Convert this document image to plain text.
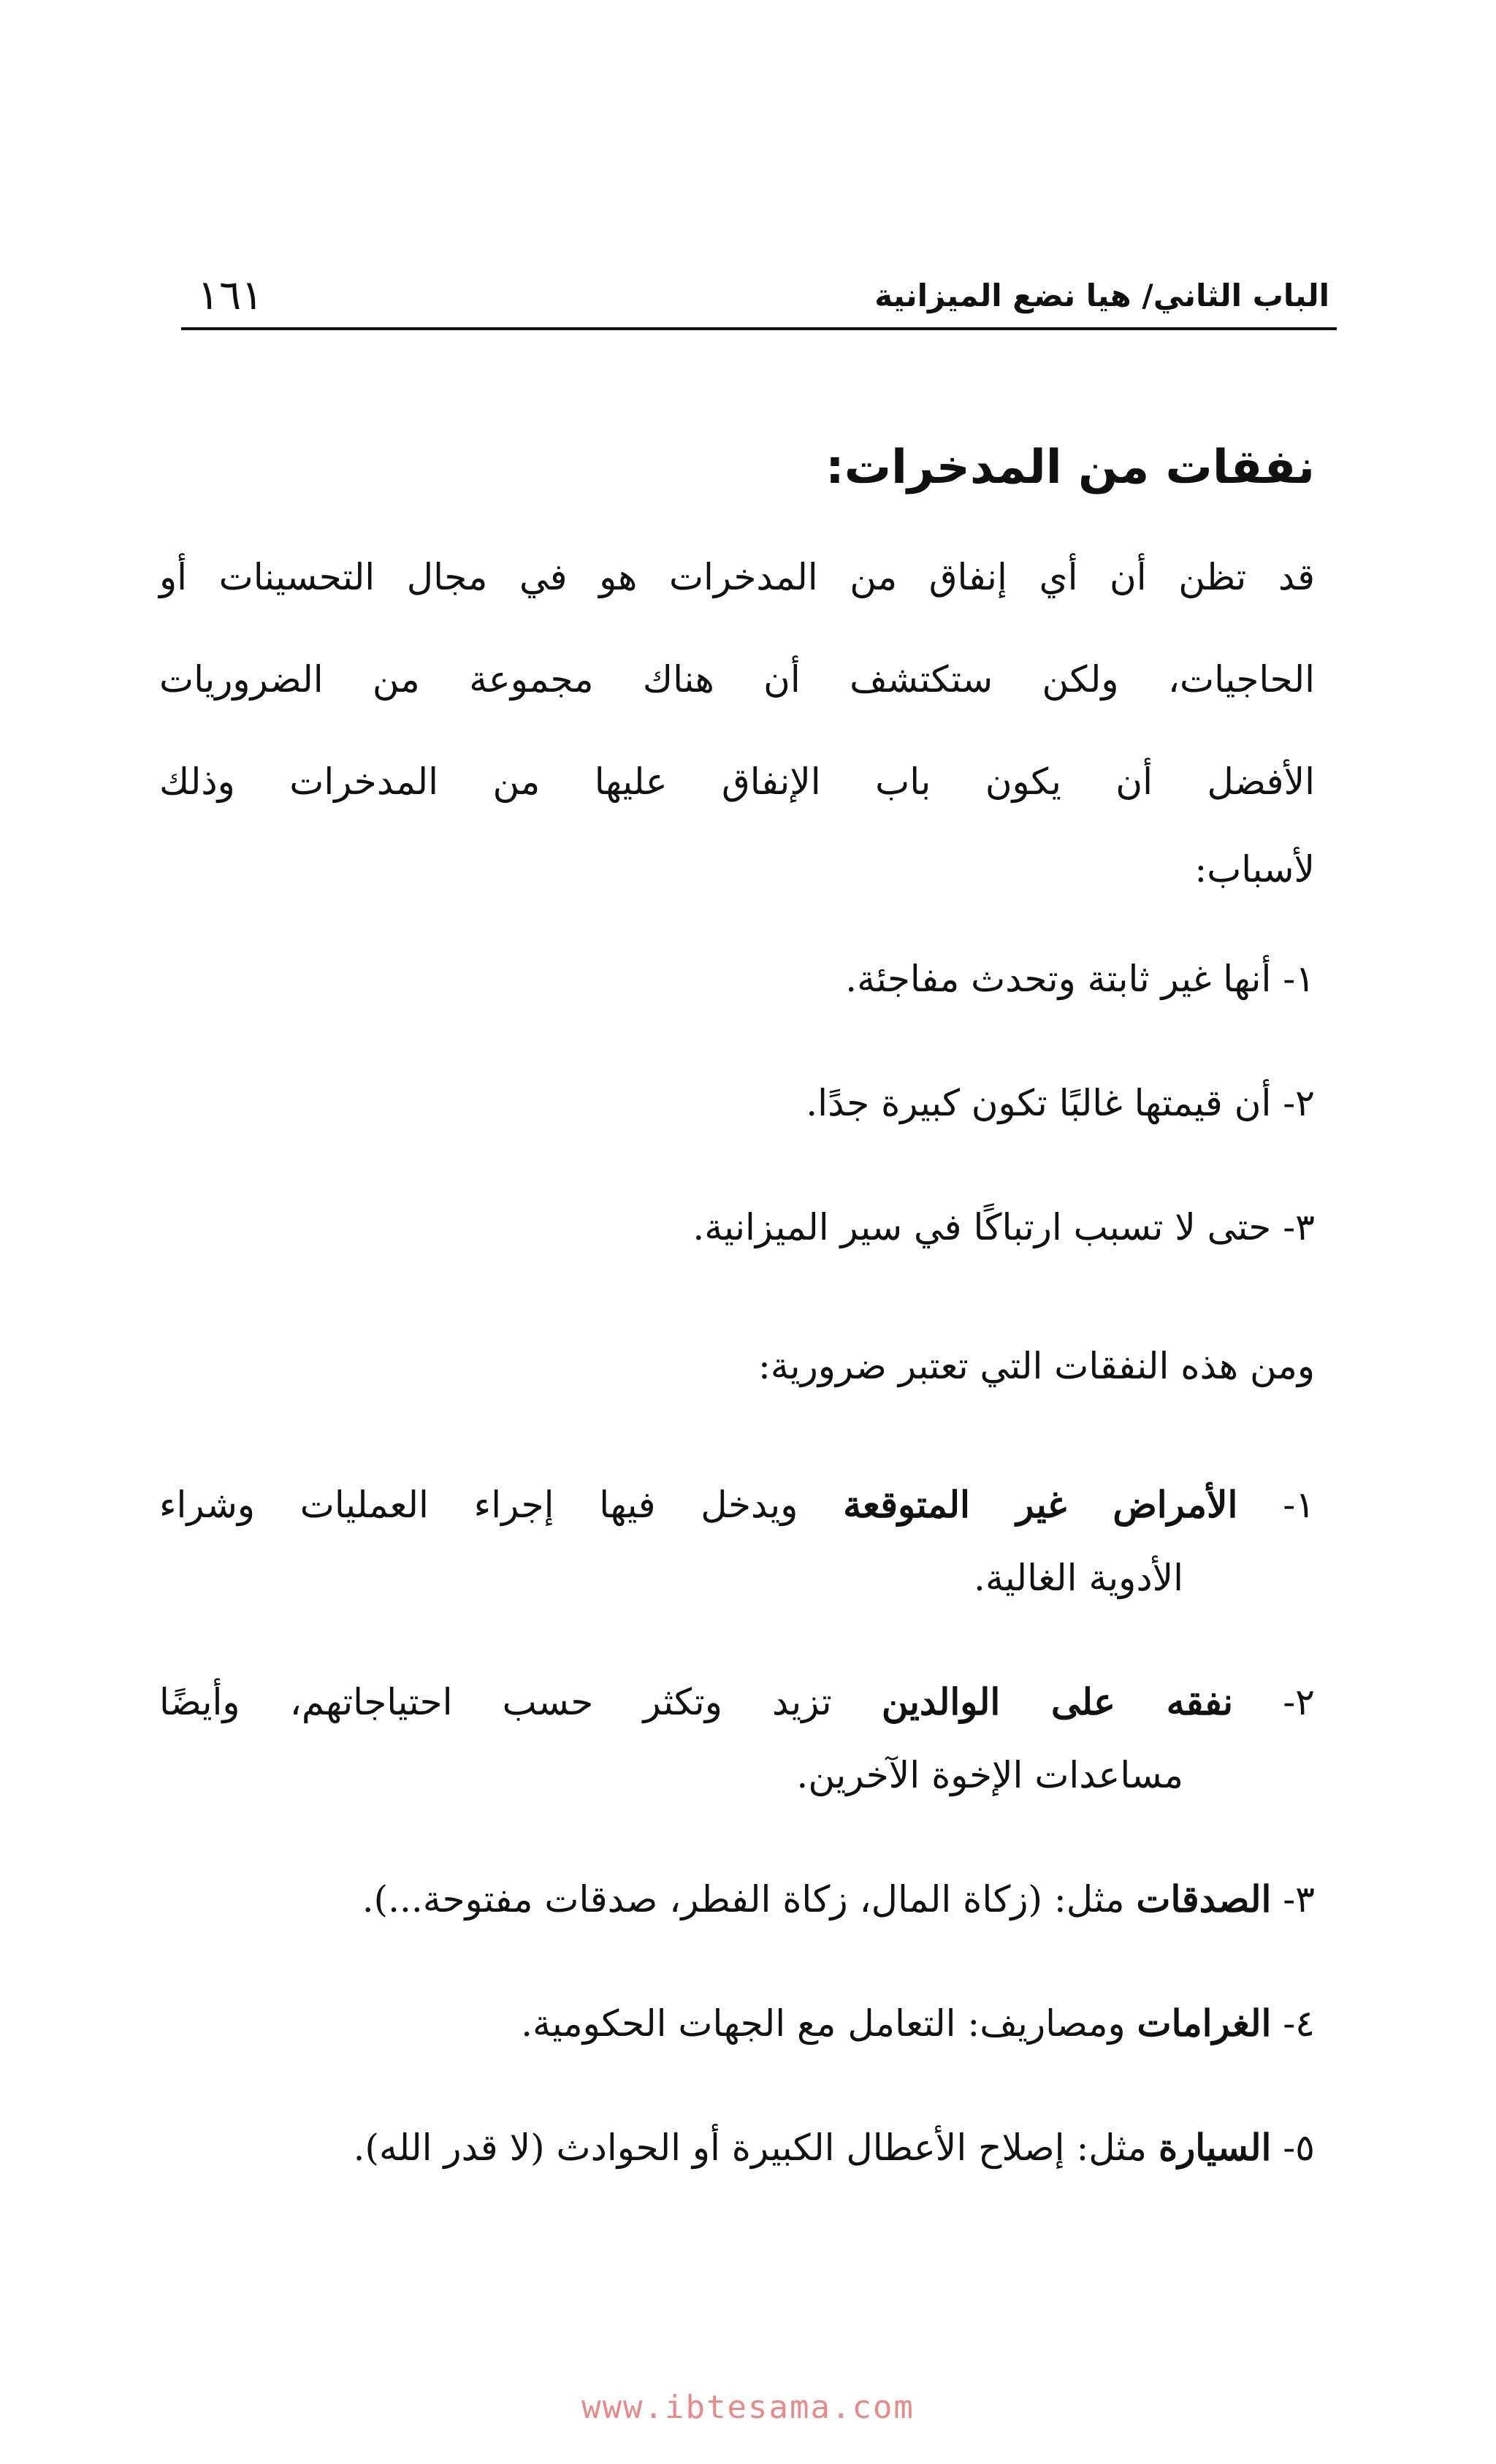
الباب الثاني/ هيا نضع الميزانية
١٦١
نفقات من المدخرات:
قد تظن أن أي إنفاق من المدخرات هو في مجال التحسينات أو
الحاجيات، ولكن ستكتشف أن هناك مجموعة من الضروريات
الأفضل أن يكون باب الإنفاق عليها من المدخرات وذلك
لأسباب:
١- أنها غير ثابتة وتحدث مفاجئة.
٢- أن قيمتها غالبًا تكون كبيرة جدًا.
٣- حتى لا تسبب ارتباكًا في سير الميزانية.
ومن هذه النفقات التي تعتبر ضرورية:
١- الأمراض غير المتوقعة ويدخل فيها إجراء العمليات وشراء
الأدوية الغالية.
٢- نفقه على الوالدين تزيد وتكثر حسب احتياجاتهم، وأيضًا
مساعدات الإخوة الآخرين.
٣- الصدقات مثل: (زكاة المال، زكاة الفطر، صدقات مفتوحة...).
٤- الغرامات ومصاريف: التعامل مع الجهات الحكومية.
٥- السيارة مثل: إصلاح الأعطال الكبيرة أو الحوادث (لا قدر الله).
www.ibtesama.com
